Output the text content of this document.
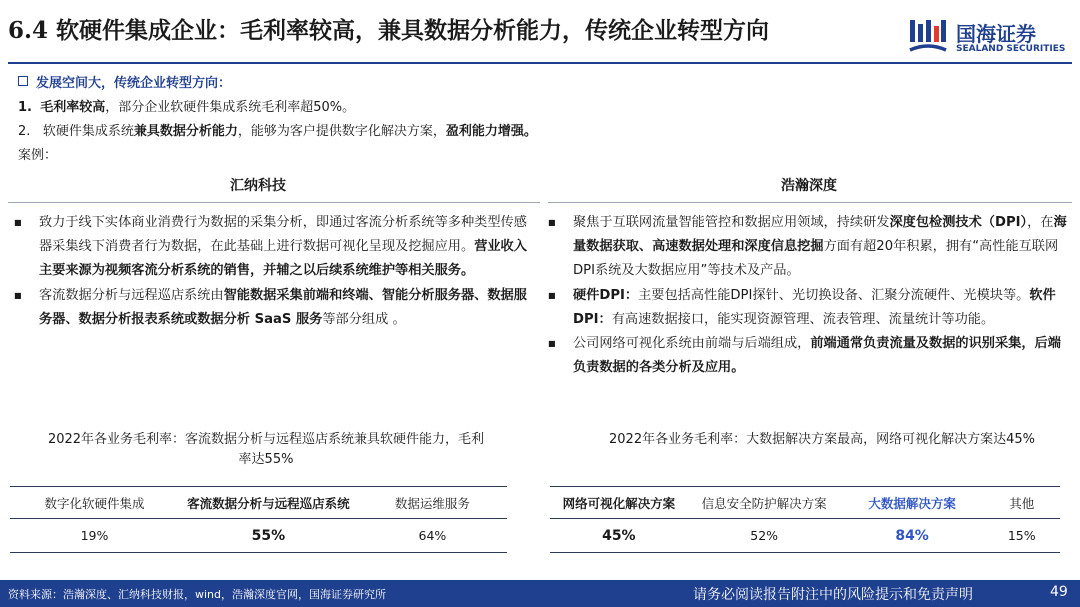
6.4 软硬件集成企业：毛利率较高，兼具数据分析能力，传统企业转型方向	国海证券
SEALAND SECURITIES
发展空间大，传统企业转型方向：
1. 毛利率较高，部分企业软硬件集成系统毛利率超50%。
2. 软硬件集成系统兼具数据分析能力，能够为客户提供数字化解决方案，盈利能力增强。
案例：
汇纳科技
■ 致力于线下实体商业消费行为数据的采集分析，即通过客流分析系统等多种类型传感器采集线下消费者行为数据，在此基础上进行数据可视化呈现及挖掘应用。营业收入主要来源为视频客流分析系统的销售，并辅之以后续系统维护等相关服务。
■ 客流数据分析与远程巡店系统由智能数据采集前端和终端、智能分析服务器、数据服务器、数据分析报表系统或数据分析 SaaS 服务等部分组成 。
2022年各业务毛利率：客流数据分析与远程巡店系统兼具软硬件能力，毛利率达55%
数字化软硬件集成	客流数据分析与远程巡店系统	数据运维服务
19%	55%	64%
浩瀚深度
■ 聚焦于互联网流量智能管控和数据应用领域，持续研发深度包检测技术（DPI），在海量数据获取、高速数据处理和深度信息挖掘方面有超20年积累，拥有“高性能互联网DPI系统及大数据应用”等技术及产品。
■ 硬件DPI：主要包括高性能DPI探针、光切换设备、汇聚分流硬件、光模块等。软件DPI：有高速数据接口，能实现资源管理、流表管理、流量统计等功能。
■ 公司网络可视化系统由前端与后端组成，前端通常负责流量及数据的识别采集，后端负责数据的各类分析及应用。
2022年各业务毛利率：大数据解决方案最高，网络可视化解决方案达45%
网络可视化解决方案	信息安全防护解决方案	大数据解决方案	其他
45%	52%	84%	15%
资料来源：浩瀚深度、汇纳科技财报，wind，浩瀚深度官网，国海证券研究所	请务必阅读报告附注中的风险提示和免责声明	49
